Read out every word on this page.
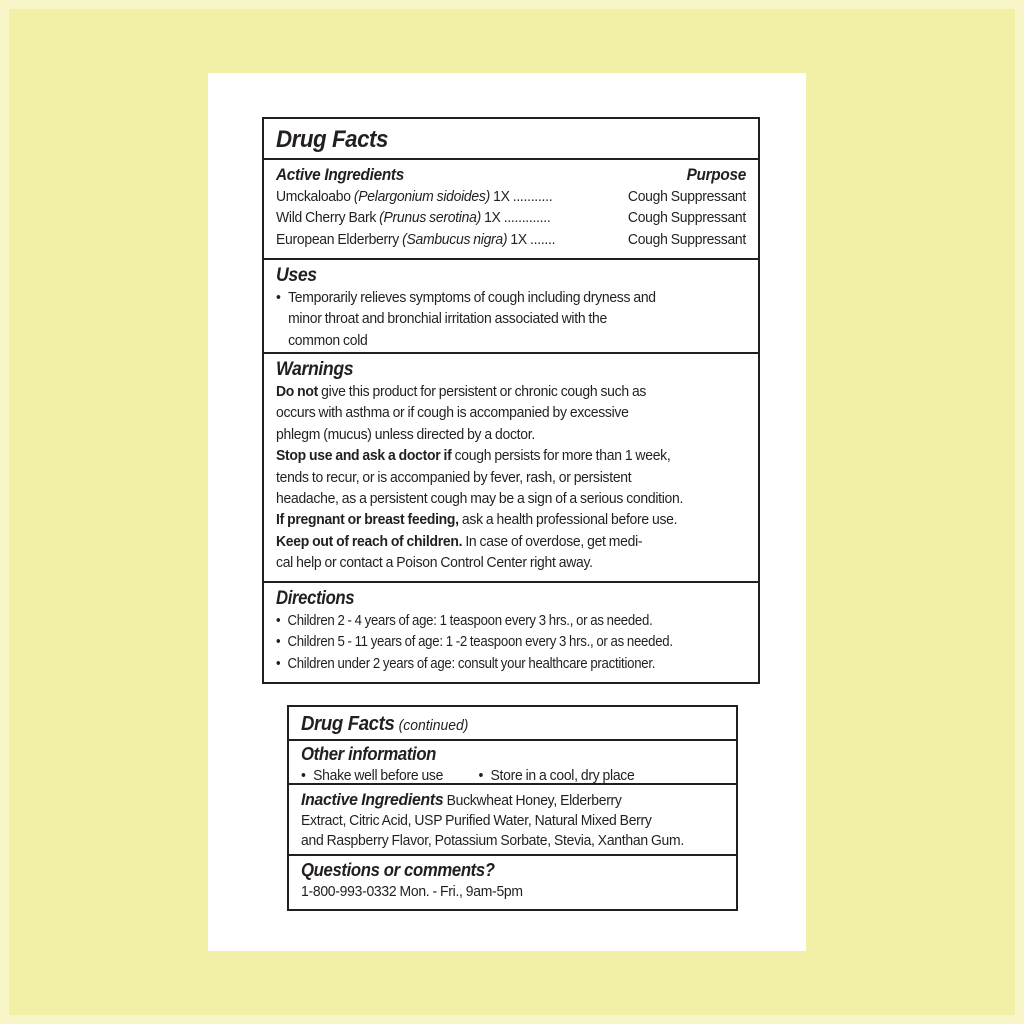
Drug Facts
Active Ingredients	Purpose
Umckaloabo (Pelargonium sidoides) 1X ...........	Cough Suppressant
Wild Cherry Bark (Prunus serotina) 1X .............	Cough Suppressant
European Elderberry (Sambucus nigra) 1X .......	Cough Suppressant
Uses
• Temporarily relieves symptoms of cough including dryness and
minor throat and bronchial irritation associated with the
common cold
Warnings
Do not give this product for persistent or chronic cough such as
occurs with asthma or if cough is accompanied by excessive
phlegm (mucus) unless directed by a doctor.
Stop use and ask a doctor if cough persists for more than 1 week,
tends to recur, or is accompanied by fever, rash, or persistent
headache, as a persistent cough may be a sign of a serious condition.
If pregnant or breast feeding, ask a health professional before use.
Keep out of reach of children. In case of overdose, get medi-
cal help or contact a Poison Control Center right away.
Directions
• Children 2 - 4 years of age: 1 teaspoon every 3 hrs., or as needed.
• Children 5 - 11 years of age: 1 -2 teaspoon every 3 hrs., or as needed.
• Children under 2 years of age: consult your healthcare practitioner.
Drug Facts (continued)
Other information
• Shake well before use • Store in a cool, dry place
Inactive Ingredients Buckwheat Honey, Elderberry
Extract, Citric Acid, USP Purified Water, Natural Mixed Berry
and Raspberry Flavor, Potassium Sorbate, Stevia, Xanthan Gum.
Questions or comments?
1-800-993-0332 Mon. - Fri., 9am-5pm
